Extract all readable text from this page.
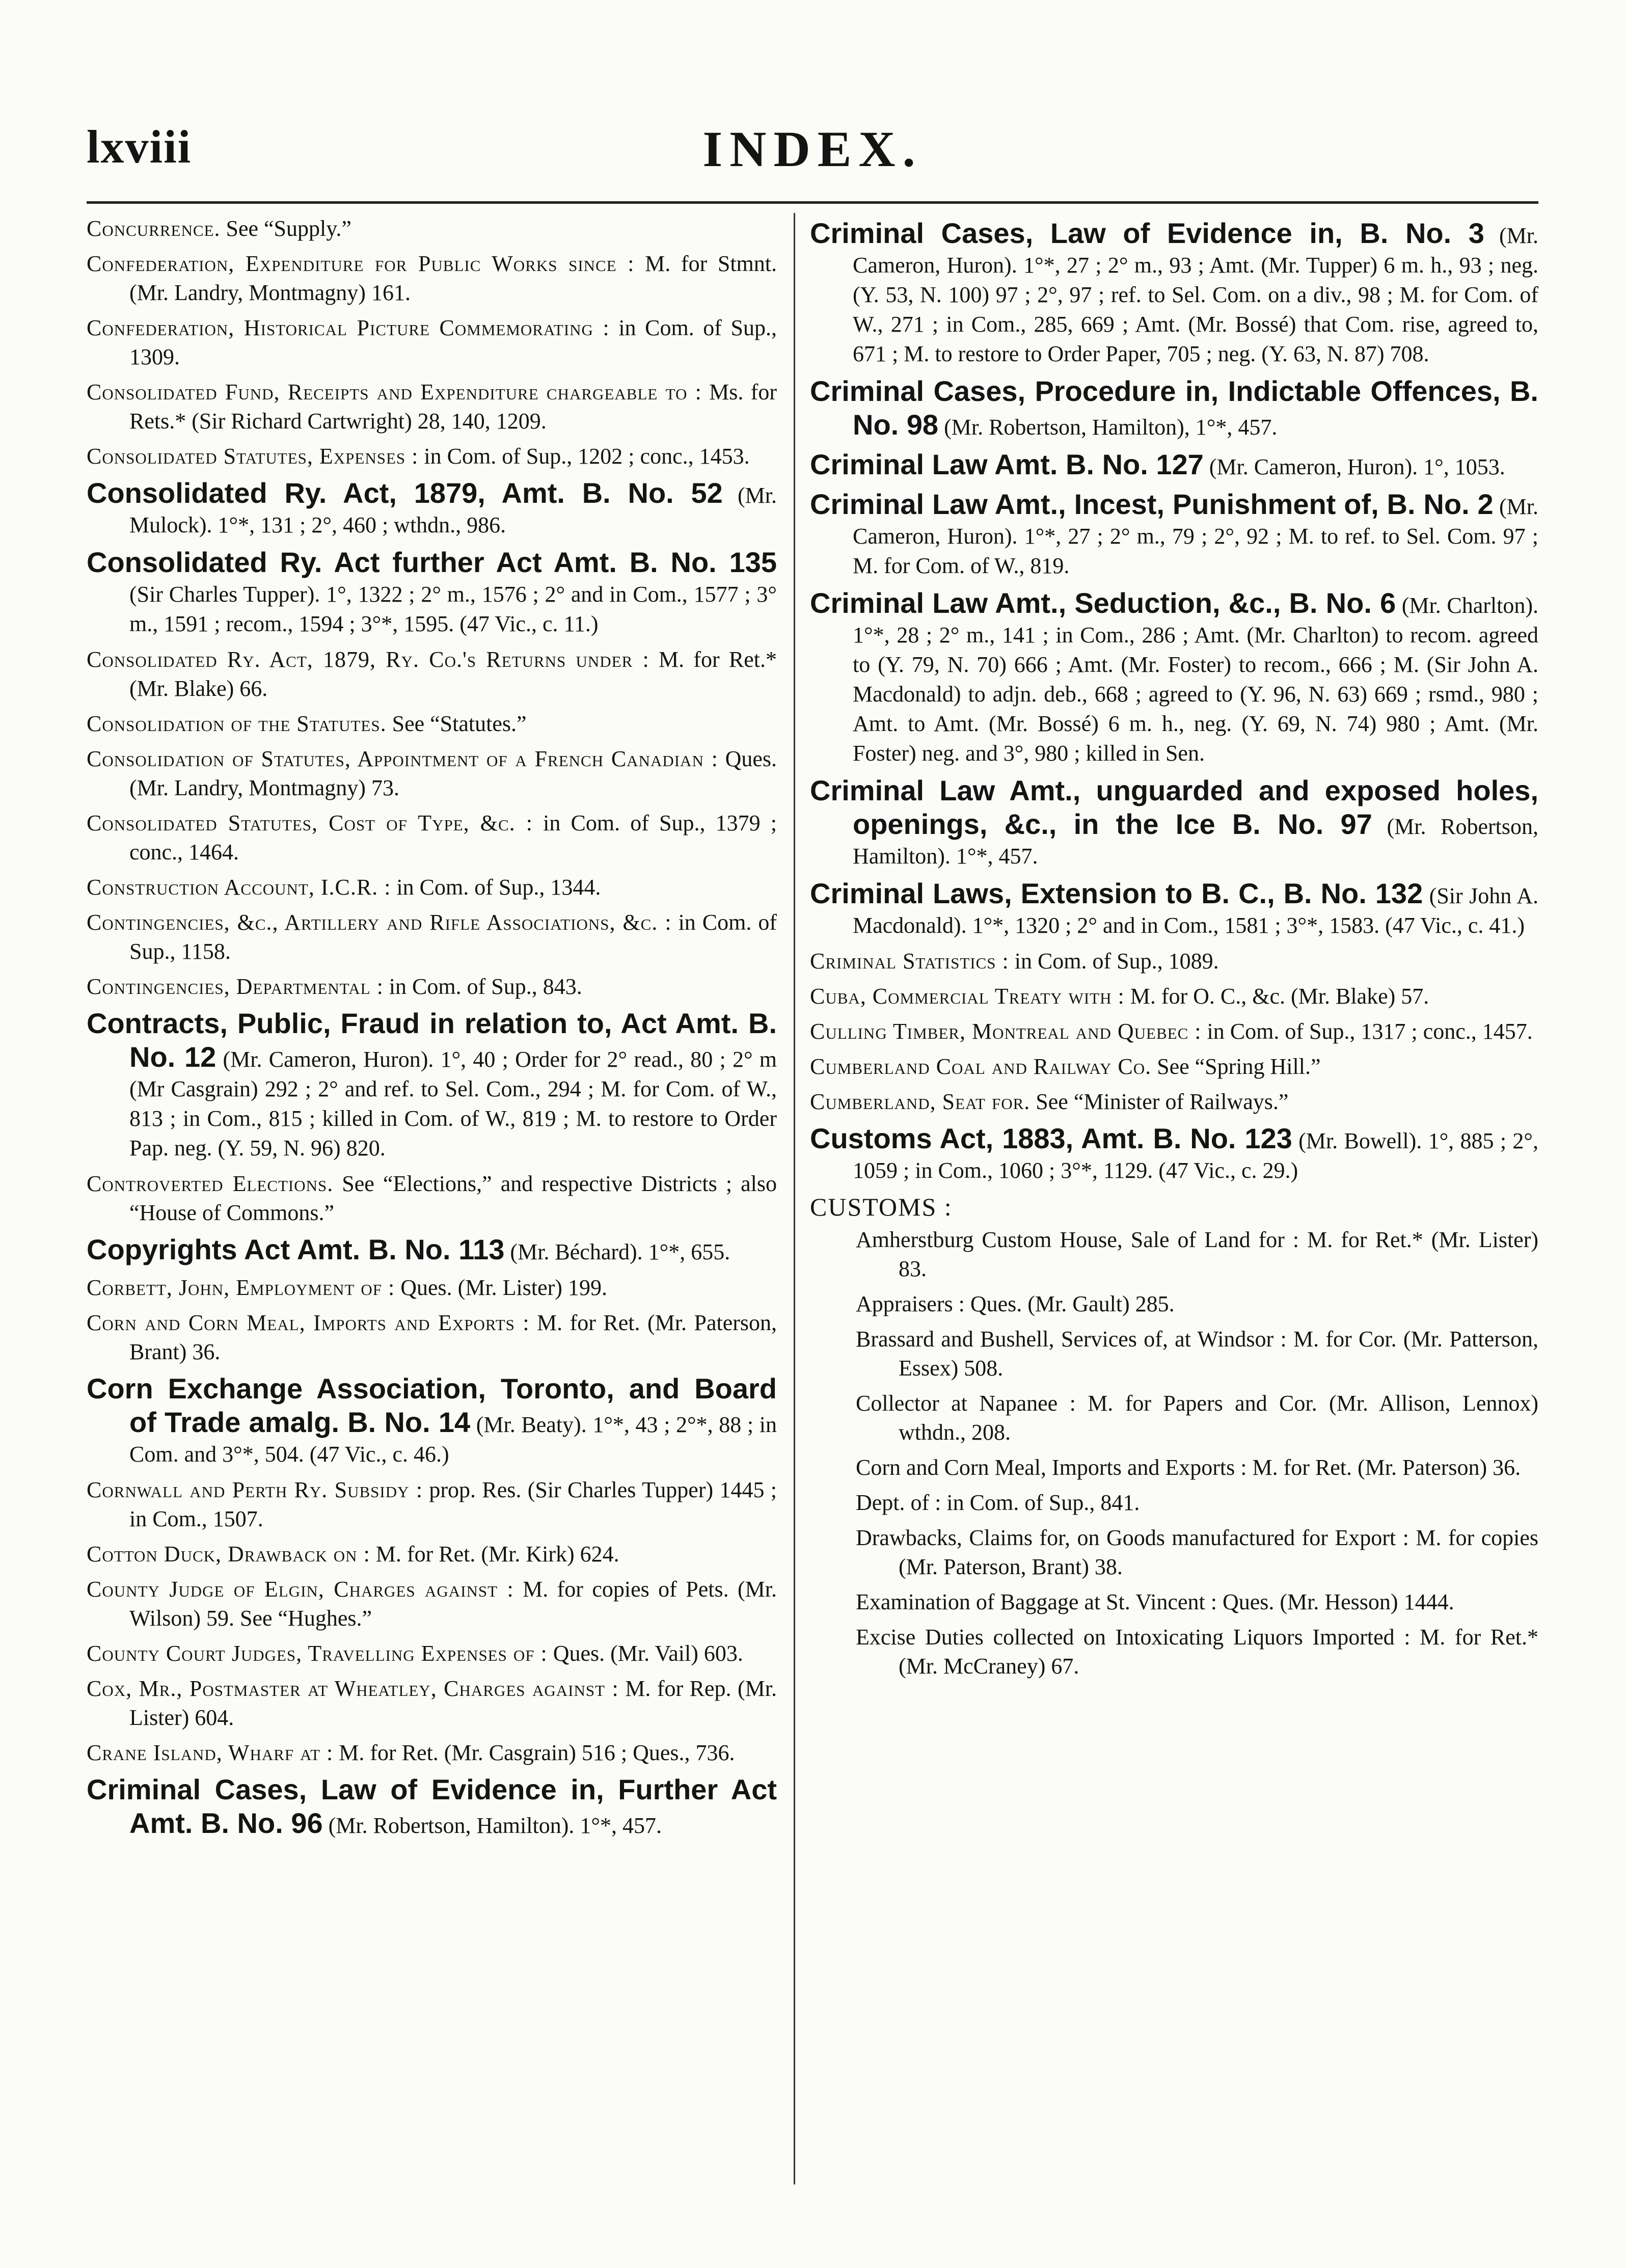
lxviii	INDEX.
Concurrence. See “Supply.”
Confederation, Expenditure for Public Works since : M. for Stmnt. (Mr. Landry, Montmagny) 161.
Confederation, Historical Picture Commemorating : in Com. of Sup., 1309.
Consolidated Fund, Receipts and Expenditure chargeable to : Ms. for Rets.* (Sir Richard Cartwright) 28, 140, 1209.
Consolidated Statutes, Expenses : in Com. of Sup., 1202 ; conc., 1453.
Consolidated Ry. Act, 1879, Amt. B. No. 52 (Mr. Mulock). 1°*, 131 ; 2°, 460 ; wthdn., 986.
Consolidated Ry. Act further Act Amt. B. No. 135 (Sir Charles Tupper). 1°, 1322 ; 2° m., 1576 ; 2° and in Com., 1577 ; 3° m., 1591 ; recom., 1594 ; 3°*, 1595. (47 Vic., c. 11.)
Consolidated Ry. Act, 1879, Ry. Co.'s Returns under : M. for Ret.* (Mr. Blake) 66.
Consolidation of the Statutes. See “Statutes.”
Consolidation of Statutes, Appointment of a French Canadian : Ques. (Mr. Landry, Montmagny) 73.
Consolidated Statutes, Cost of Type, &c. : in Com. of Sup., 1379 ; conc., 1464.
Construction Account, I.C.R. : in Com. of Sup., 1344.
Contingencies, &c., Artillery and Rifle Associations, &c. : in Com. of Sup., 1158.
Contingencies, Departmental : in Com. of Sup., 843.
Contracts, Public, Fraud in relation to, Act Amt. B. No. 12 (Mr. Cameron, Huron). 1°, 40 ; Order for 2° read., 80 ; 2° m (Mr Casgrain) 292 ; 2° and ref. to Sel. Com., 294 ; M. for Com. of W., 813 ; in Com., 815 ; killed in Com. of W., 819 ; M. to restore to Order Pap. neg. (Y. 59, N. 96) 820.
Controverted Elections. See “Elections,” and respective Districts ; also “House of Commons.”
Copyrights Act Amt. B. No. 113 (Mr. Béchard). 1°*, 655.
Corbett, John, Employment of : Ques. (Mr. Lister) 199.
Corn and Corn Meal, Imports and Exports : M. for Ret. (Mr. Paterson, Brant) 36.
Corn Exchange Association, Toronto, and Board of Trade amalg. B. No. 14 (Mr. Beaty). 1°*, 43 ; 2°*, 88 ; in Com. and 3°*, 504. (47 Vic., c. 46.)
Cornwall and Perth Ry. Subsidy : prop. Res. (Sir Charles Tupper) 1445 ; in Com., 1507.
Cotton Duck, Drawback on : M. for Ret. (Mr. Kirk) 624.
County Judge of Elgin, Charges against : M. for copies of Pets. (Mr. Wilson) 59. See “Hughes.”
County Court Judges, Travelling Expenses of : Ques. (Mr. Vail) 603.
Cox, Mr., Postmaster at Wheatley, Charges against : M. for Rep. (Mr. Lister) 604.
Crane Island, Wharf at : M. for Ret. (Mr. Casgrain) 516 ; Ques., 736.
Criminal Cases, Law of Evidence in, Further Act Amt. B. No. 96 (Mr. Robertson, Hamilton). 1°*, 457.
Criminal Cases, Law of Evidence in, B. No. 3 (Mr. Cameron, Huron). 1°*, 27 ; 2° m., 93 ; Amt. (Mr. Tupper) 6 m. h., 93 ; neg. (Y. 53, N. 100) 97 ; 2°, 97 ; ref. to Sel. Com. on a div., 98 ; M. for Com. of W., 271 ; in Com., 285, 669 ; Amt. (Mr. Bossé) that Com. rise, agreed to, 671 ; M. to restore to Order Paper, 705 ; neg. (Y. 63, N. 87) 708.
Criminal Cases, Procedure in, Indictable Offences, B. No. 98 (Mr. Robertson, Hamilton), 1°*, 457.
Criminal Law Amt. B. No. 127 (Mr. Cameron, Huron). 1°, 1053.
Criminal Law Amt., Incest, Punishment of, B. No. 2 (Mr. Cameron, Huron). 1°*, 27 ; 2° m., 79 ; 2°, 92 ; M. to ref. to Sel. Com. 97 ; M. for Com. of W., 819.
Criminal Law Amt., Seduction, &c., B. No. 6 (Mr. Charlton). 1°*, 28 ; 2° m., 141 ; in Com., 286 ; Amt. (Mr. Charlton) to recom. agreed to (Y. 79, N. 70) 666 ; Amt. (Mr. Foster) to recom., 666 ; M. (Sir John A. Macdonald) to adjn. deb., 668 ; agreed to (Y. 96, N. 63) 669 ; rsmd., 980 ; Amt. to Amt. (Mr. Bossé) 6 m. h., neg. (Y. 69, N. 74) 980 ; Amt. (Mr. Foster) neg. and 3°, 980 ; killed in Sen.
Criminal Law Amt., unguarded and exposed holes, openings, &c., in the Ice B. No. 97 (Mr. Robertson, Hamilton). 1°*, 457.
Criminal Laws, Extension to B. C., B. No. 132 (Sir John A. Macdonald). 1°*, 1320 ; 2° and in Com., 1581 ; 3°*, 1583. (47 Vic., c. 41.)
Criminal Statistics : in Com. of Sup., 1089.
Cuba, Commercial Treaty with : M. for O. C., &c. (Mr. Blake) 57.
Culling Timber, Montreal and Quebec : in Com. of Sup., 1317 ; conc., 1457.
Cumberland Coal and Railway Co. See “Spring Hill.”
Cumberland, Seat for. See “Minister of Railways.”
Customs Act, 1883, Amt. B. No. 123 (Mr. Bowell). 1°, 885 ; 2°, 1059 ; in Com., 1060 ; 3°*, 1129. (47 Vic., c. 29.)
CUSTOMS :
Amherstburg Custom House, Sale of Land for : M. for Ret.* (Mr. Lister) 83.
Appraisers : Ques. (Mr. Gault) 285.
Brassard and Bushell, Services of, at Windsor : M. for Cor. (Mr. Patterson, Essex) 508.
Collector at Napanee : M. for Papers and Cor. (Mr. Allison, Lennox) wthdn., 208.
Corn and Corn Meal, Imports and Exports : M. for Ret. (Mr. Paterson) 36.
Dept. of : in Com. of Sup., 841.
Drawbacks, Claims for, on Goods manufactured for Export : M. for copies (Mr. Paterson, Brant) 38.
Examination of Baggage at St. Vincent : Ques. (Mr. Hesson) 1444.
Excise Duties collected on Intoxicating Liquors Imported : M. for Ret.* (Mr. McCraney) 67.
